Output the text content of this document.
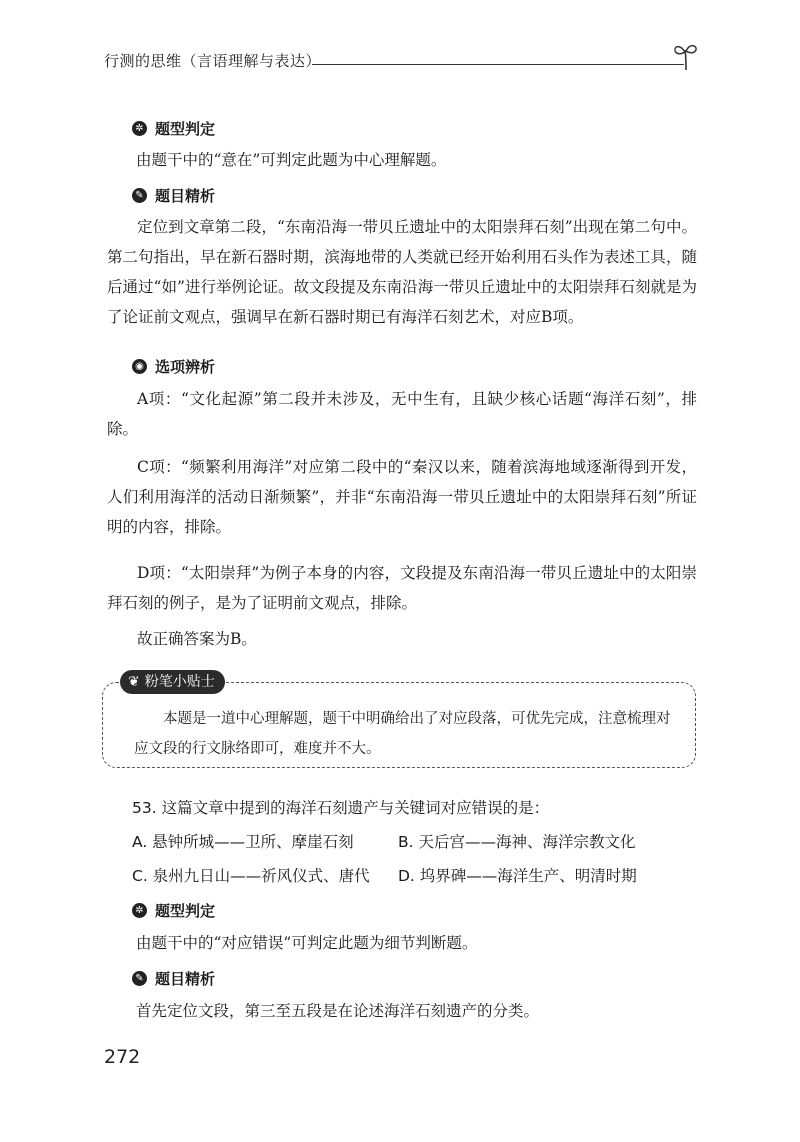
行测的思维（言语理解与表达）
✲ 题型判定
由题干中的“意在”可判定此题为中心理解题。
✎ 题目精析
定位到文章第二段，“东南沿海一带贝丘遗址中的太阳崇拜石刻”出现在第二句中。第二句指出，早在新石器时期，滨海地带的人类就已经开始利用石头作为表述工具，随后通过“如”进行举例论证。故文段提及东南沿海一带贝丘遗址中的太阳崇拜石刻就是为了论证前文观点，强调早在新石器时期已有海洋石刻艺术，对应B项。
◉ 选项辨析
A项：“文化起源”第二段并未涉及，无中生有，且缺少核心话题“海洋石刻”，排除。
C项：“频繁利用海洋”对应第二段中的“秦汉以来，随着滨海地域逐渐得到开发，人们利用海洋的活动日渐频繁”，并非“东南沿海一带贝丘遗址中的太阳崇拜石刻”所证明的内容，排除。
D项：“太阳崇拜”为例子本身的内容，文段提及东南沿海一带贝丘遗址中的太阳崇拜石刻的例子，是为了证明前文观点，排除。
故正确答案为B。
❦ 粉笔小贴士
本题是一道中心理解题，题干中明确给出了对应段落，可优先完成，注意梳理对应文段的行文脉络即可，难度并不大。
53. 这篇文章中提到的海洋石刻遗产与关键词对应错误的是：
A. 悬钟所城——卫所、摩崖石刻	B. 天后宫——海神、海洋宗教文化
C. 泉州九日山——祈风仪式、唐代 D. 坞界碑——海洋生产、明清时期
✲ 题型判定
由题干中的“对应错误”可判定此题为细节判断题。
✎ 题目精析
首先定位文段，第三至五段是在论述海洋石刻遗产的分类。
272
